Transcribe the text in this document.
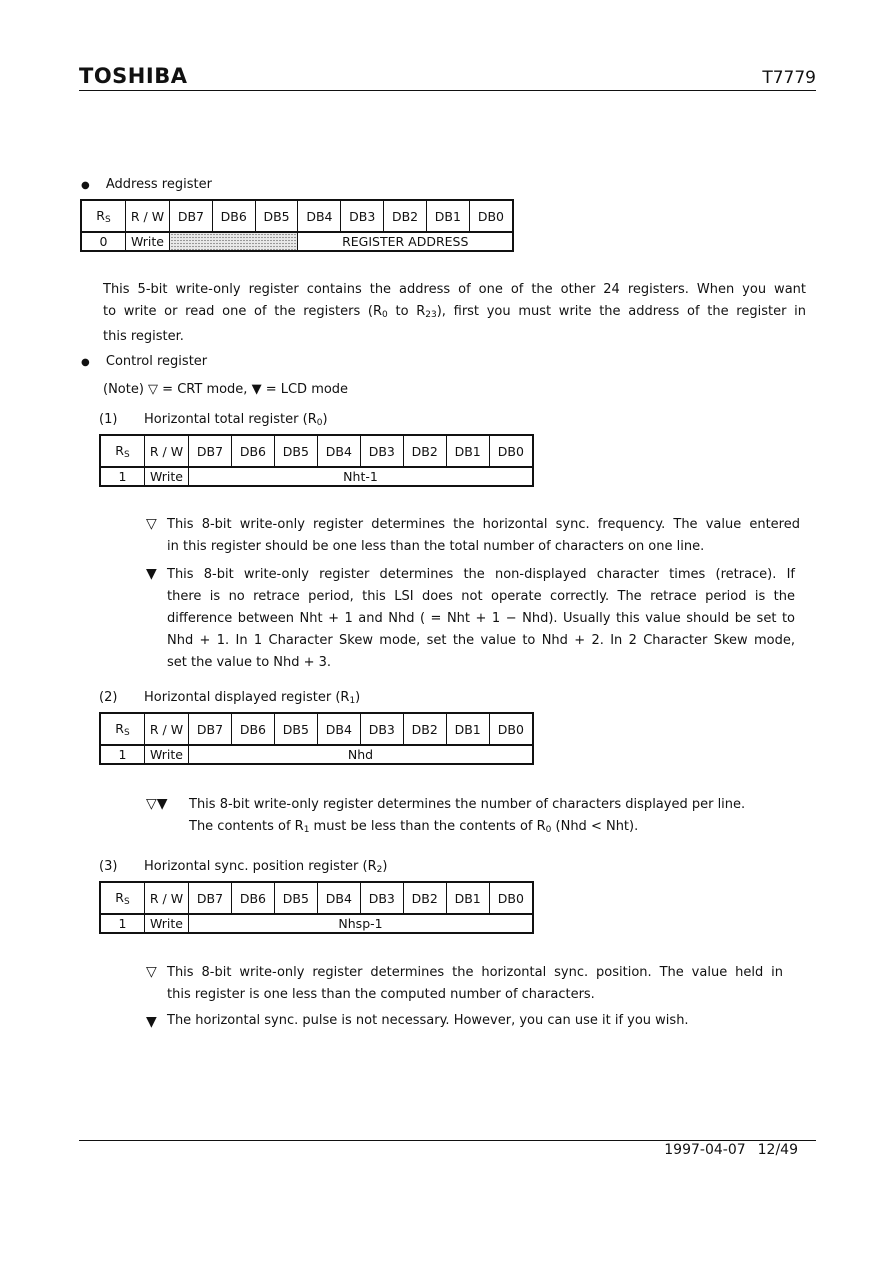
TOSHIBA	T7779
● Address register
$R_S$	R / W	DB7	DB6	DB5	DB4	DB3	DB2	DB1	DB0
0	Write				REGISTER ADDRESS				
This 5-bit write-only register contains the address of one of the other 24 registers. When you want
to write or read one of the registers ($R_0$ to $R_{23}$), first you must write the address of the register in
this register.
● Control register
(Note) ▽ = CRT mode, ▼ = LCD mode
(1) Horizontal total register $(R_0)$
$R_S$	R / W	DB7	DB6	DB5	DB4	DB3	DB2	DB1	DB0
1	Write	Nht-1							
▽ This 8-bit write-only register determines the horizontal sync. frequency. The value entered
in this register should be one less than the total number of characters on one line.
▼ This 8-bit write-only register determines the non-displayed character times (retrace). If
there is no retrace period, this LSI does not operate correctly. The retrace period is the
difference between Nht + 1 and Nhd ( = Nht + 1 − Nhd). Usually this value should be set to
Nhd + 1. In 1 Character Skew mode, set the value to Nhd + 2. In 2 Character Skew mode,
set the value to Nhd + 3.
(2) Horizontal displayed register $(R_1)$
$R_S$	R / W	DB7	DB6	DB5	DB4	DB3	DB2	DB1	DB0
1	Write	Nhd							
▽▼ This 8-bit write-only register determines the number of characters displayed per line.
The contents of $R_1$ must be less than the contents of $R_0$ (Nhd < Nht).
(3) Horizontal sync. position register $(R_2)$
$R_S$	R / W	DB7	DB6	DB5	DB4	DB3	DB2	DB1	DB0
1	Write	Nhsp-1							
▽ This 8-bit write-only register determines the horizontal sync. position. The value held in
this register is one less than the computed number of characters.
▼ The horizontal sync. pulse is not necessary. However, you can use it if you wish.
1997-04-07 12/49
